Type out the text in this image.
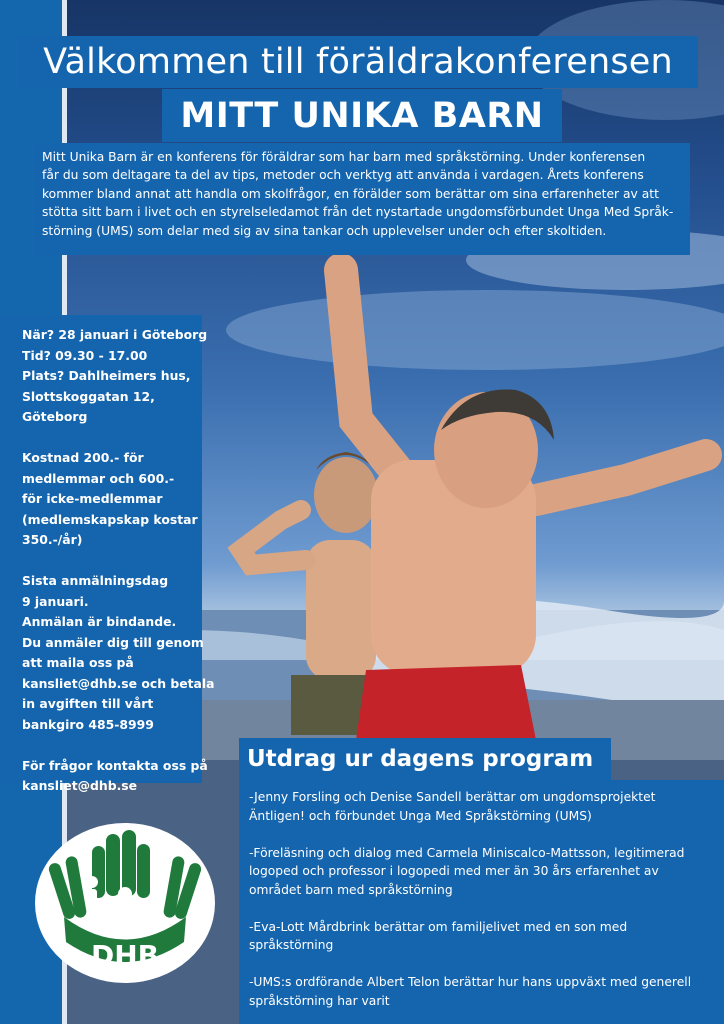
Välkommen till föräldrakonferensen
MITT UNIKA BARN

Mitt Unika Barn är en konferens för föräldrar som har barn med språkstörning. Under konferensen
får du som deltagare ta del av tips, metoder och verktyg att använda i vardagen. Årets konferens
kommer bland annat att handla om skolfrågor, en förälder som berättar om sina erfarenheter av att
stötta sitt barn i livet och en styrelseledamot från det nystartade ungdomsförbundet Unga Med Språk-
störning (UMS) som delar med sig av sina tankar och upplevelser under och efter skoltiden.

När? 28 januari i Göteborg
Tid? 09.30 - 17.00
Plats? Dahlheimers hus,
Slottskoggatan 12,
Göteborg
Kostnad 200.- för
medlemmar och 600.-
för icke-medlemmar
(medlemskapskap kostar
350.-/år)
Sista anmälningsdag
9 januari.
Anmälan är bindande.
Du anmäler dig till genom
att maila oss på
kansliet@dhb.se och betala
in avgiften till vårt
bankgiro 485-8999
För frågor kontakta oss på
kansliet@dhb.se
DHB
Utdrag ur dagens program
-Jenny Forsling och Denise Sandell berättar om ungdomsprojektet
Äntligen! och förbundet Unga Med Språkstörning (UMS)
-Föreläsning och dialog med Carmela Miniscalco-Mattsson, legitimerad
logoped och professor i logopedi med mer än 30 års erfarenhet av
området barn med språkstörning
-Eva-Lott Mårdbrink berättar om familjelivet med en son med
språkstörning
-UMS:s ordförande Albert Telon berättar hur hans uppväxt med generell
språkstörning har varit
